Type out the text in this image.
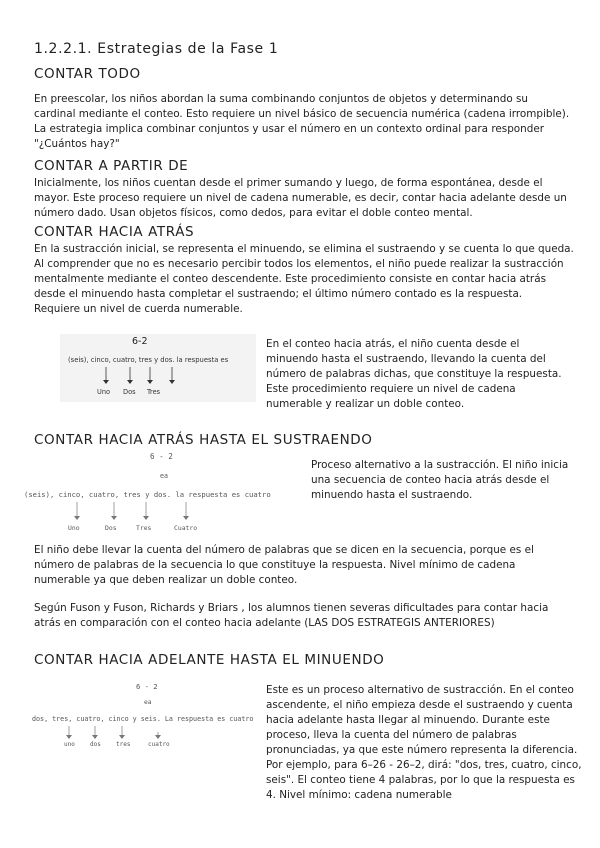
1.2.2.1. Estrategias de la Fase 1
CONTAR TODO
En preescolar, los niños abordan la suma combinando conjuntos de objetos y determinando su
cardinal mediante el conteo. Esto requiere un nivel básico de secuencia numérica (cadena irrompible).
La estrategia implica combinar conjuntos y usar el número en un contexto ordinal para responder
"¿Cuántos hay?"
CONTAR A PARTIR DE
Inicialmente, los niños cuentan desde el primer sumando y luego, de forma espontánea, desde el
mayor. Este proceso requiere un nivel de cadena numerable, es decir, contar hacia adelante desde un
número dado. Usan objetos físicos, como dedos, para evitar el doble conteo mental.
CONTAR HACIA ATRÁS
En la sustracción inicial, se representa el minuendo, se elimina el sustraendo y se cuenta lo que queda.
Al comprender que no es necesario percibir todos los elementos, el niño puede realizar la sustracción
mentalmente mediante el conteo descendente. Este procedimiento consiste en contar hacia atrás
desde el minuendo hasta completar el sustraendo; el último número contado es la respuesta.
Requiere un nivel de cuerda numerable.
6-2
(seis), cinco, cuatro, tres y dos. la respuesta es
Uno Dos Tres
En el conteo hacia atrás, el niño cuenta desde el
minuendo hasta el sustraendo, llevando la cuenta del
número de palabras dichas, que constituye la respuesta.
Este procedimiento requiere un nivel de cadena
numerable y realizar un doble conteo.
CONTAR HACIA ATRÁS HASTA EL SUSTRAENDO
6 - 2
ea
(seis), cinco, cuatro, tres y dos. la respuesta es cuatro
Uno	Dos	Tres	Cuatro
Proceso alternativo a la sustracción. El niño inicia
una secuencia de conteo hacia atrás desde el
minuendo hasta el sustraendo.
El niño debe llevar la cuenta del número de palabras que se dicen en la secuencia, porque es el
número de palabras de la secuencia lo que constituye la respuesta. Nivel mínimo de cadena
numerable ya que deben realizar un doble conteo.
Según Fuson y Fuson, Richards y Briars , los alumnos tienen severas dificultades para contar hacia
atrás en comparación con el conteo hacia adelante (LAS DOS ESTRATEGIS ANTERIORES)
CONTAR HACIA ADELANTE HASTA EL MINUENDO
6 - 2
ea
dos, tres, cuatro, cinco y seis. La respuesta es cuatro
uno	dos	tres	cuatro
Este es un proceso alternativo de sustracción. En el conteo
ascendente, el niño empieza desde el sustraendo y cuenta
hacia adelante hasta llegar al minuendo. Durante este
proceso, lleva la cuenta del número de palabras
pronunciadas, ya que este número representa la diferencia.
Por ejemplo, para 6–26 - 26–2, dirá: "dos, tres, cuatro, cinco,
seis". El conteo tiene 4 palabras, por lo que la respuesta es
4. Nivel mínimo: cadena numerable
